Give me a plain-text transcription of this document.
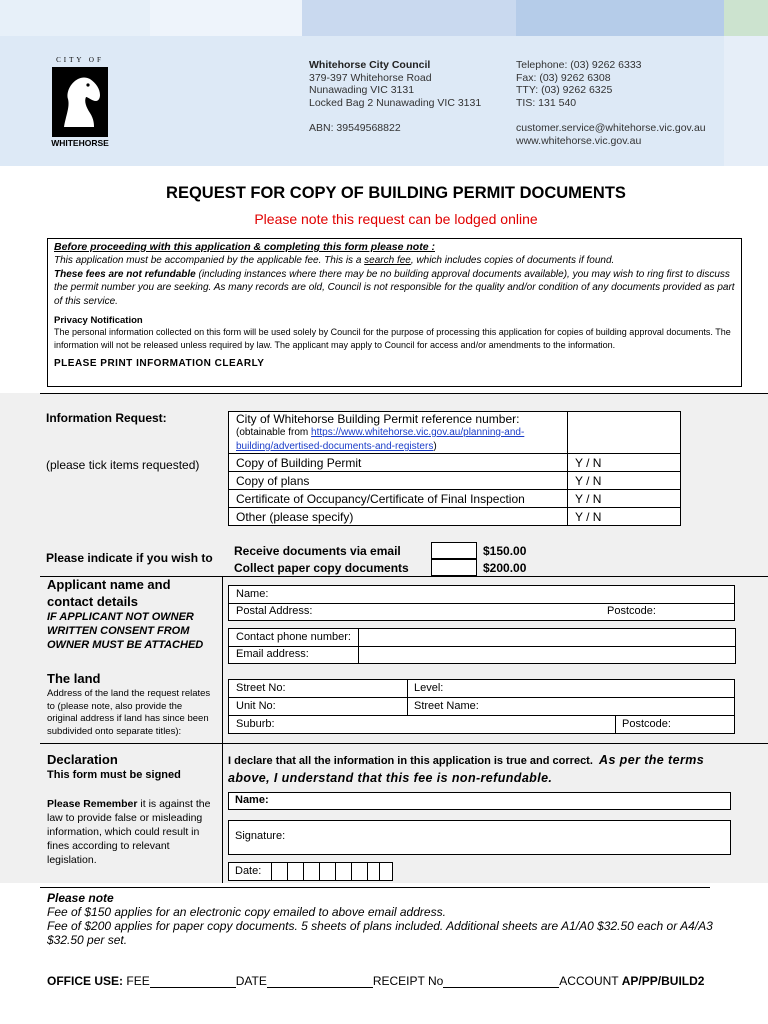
CITY OF
WHITEHORSE
Whitehorse City Council
379-397 Whitehorse Road
Nunawading VIC 3131
Locked Bag 2 Nunawading VIC 3131
ABN: 39549568822
Telephone: (03) 9262 6333
Fax: (03) 9262 6308
TTY: (03) 9262 6325
TIS: 131 540
customer.service@whitehorse.vic.gov.au
www.whitehorse.vic.gov.au
REQUEST FOR COPY OF BUILDING PERMIT DOCUMENTS
Please note this request can be lodged online
Before proceeding with this application & completing this form please note :
This application must be accompanied by the applicable fee. This is a search fee, which includes copies of documents if found.
These fees are not refundable (including instances where there may be no building approval documents available), you may wish to ring first to discuss the permit number you are seeking. As many records are old, Council is not responsible for the quality and/or condition of any documents provided as part of this service.
Privacy Notification
The personal information collected on this form will be used solely by Council for the purpose of processing this application for copies of building approval documents. The information will not be released unless required by law. The applicant may apply to Council for access and/or amendments to the information.
PLEASE PRINT INFORMATION CLEARLY
Information Request:
(please tick items requested)
City of Whitehorse Building Permit reference number:
(obtainable from https://www.whitehorse.vic.gov.au/planning-and-building/advertised-documents-and-registers)	

Copy of Building Permit	Y / N
Copy of plans	Y / N
Certificate of Occupancy/Certificate of Final Inspection	Y / N
Other (please specify)	Y / N
Please indicate if you wish to Receive documents via email	$150.00
Collect paper copy documents	$200.00
Applicant name and
contact details
IF APPLICANT NOT OWNER
WRITTEN CONSENT FROM
OWNER MUST BE ATTACHED
Name:
Postal Address:	Postcode:
Contact phone number:
Email address:
The land
Address of the land the request relates to (please note, also provide the original address if land has since been subdivided onto separate titles):
Street No:	Level:
Unit No:	Street Name:
Suburb:	Postcode:
Declaration
This form must be signed
Please Remember it is against the law to provide false or misleading information, which could result in fines according to relevant legislation.
I declare that all the information in this application is true and correct. As per the terms above, I understand that this fee is non-refundable.
Name:
Signature:
Date:
Please note
Fee of $150 applies for an electronic copy emailed to above email address.
Fee of $200 applies for paper copy documents. 5 sheets of plans included. Additional sheets are A1/A0 $32.50 each or A4/A3 $32.50 per set.
OFFICE USE: FEE	DATE	RECEIPT No	ACCOUNT AP/PP/BUILD2
